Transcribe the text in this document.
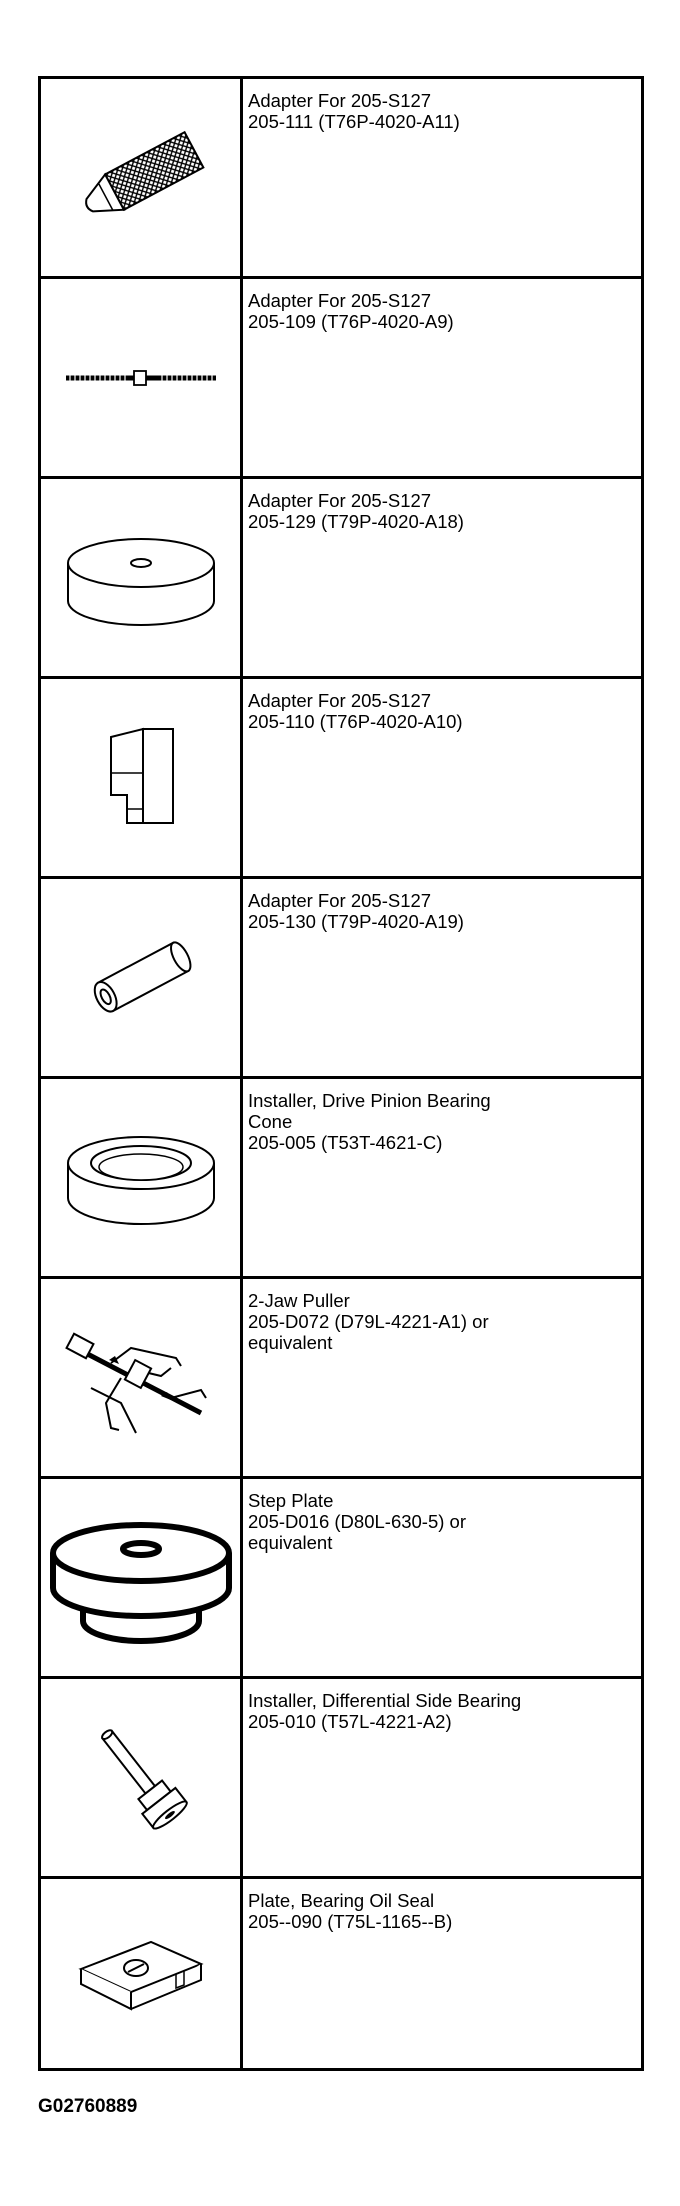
Adapter For 205-S127
205-111 (T76P-4020-A11)
Adapter For 205-S127
205-109 (T76P-4020-A9)
Adapter For 205-S127
205-129 (T79P-4020-A18)
Adapter For 205-S127
205-110 (T76P-4020-A10)
Adapter For 205-S127
205-130 (T79P-4020-A19)
Installer, Drive Pinion Bearing
Cone
205-005 (T53T-4621-C)
2-Jaw Puller
205-D072 (D79L-4221-A1) or
equivalent
Step Plate
205-D016 (D80L-630-5) or
equivalent
Installer, Differential Side Bearing
205-010 (T57L-4221-A2)
Plate, Bearing Oil Seal
205--090 (T75L-1165--B)
G02760889
